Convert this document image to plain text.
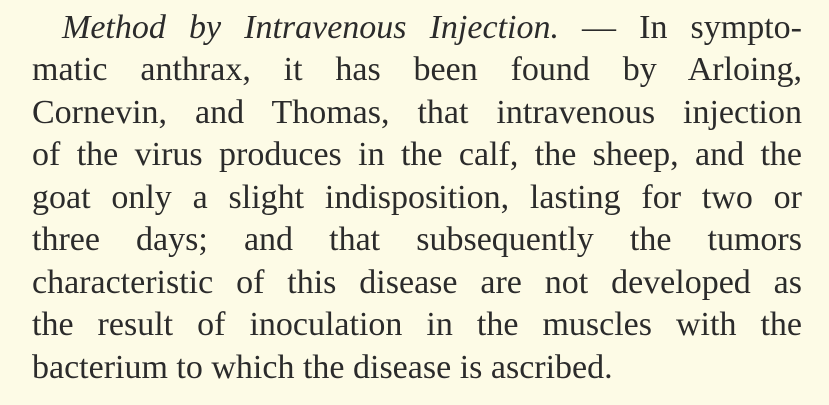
Method by Intravenous Injection. — In sympto-
matic anthrax, it has been found by Arloing,
Cornevin, and Thomas, that intravenous injection
of the virus produces in the calf, the sheep, and the
goat only a slight indisposition, lasting for two or
three days; and that subsequently the tumors
characteristic of this disease are not developed as
the result of inoculation in the muscles with the
bacterium to which the disease is ascribed.
